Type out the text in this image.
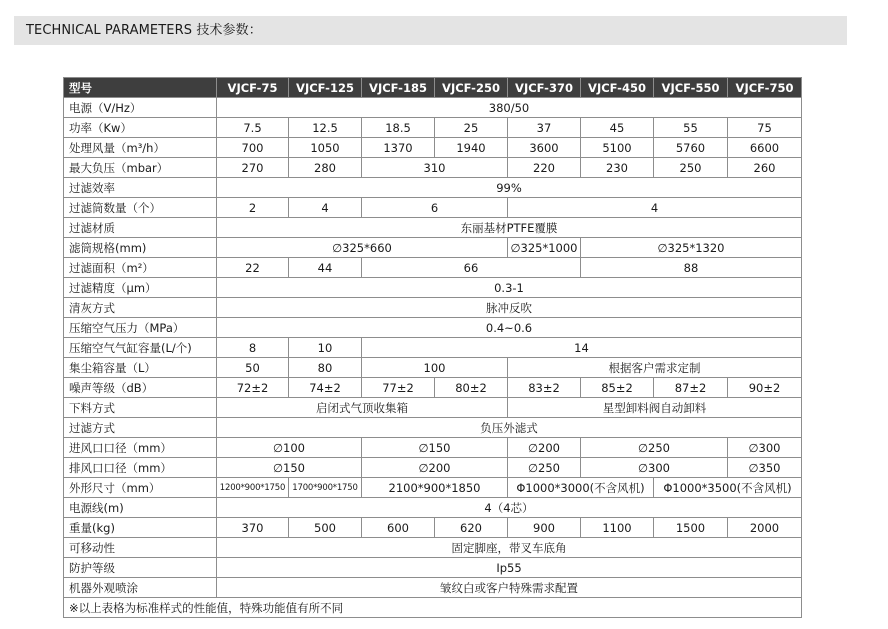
TECHNICAL PARAMETERS 技术参数：
型号	VJCF-75	VJCF-125	VJCF-185	VJCF-250	VJCF-370	VJCF-450	VJCF-550	VJCF-750
电源（V/Hz）	380/50							
功率（Kw）	7.5	12.5	18.5	25	37	45	55	75
处理风量（m³/h）	700	1050	1370	1940	3600	5100	5760	6600
最大负压（mbar）	270	280	310		220	230	250	260
过滤效率	99%							
过滤筒数量（个）	2	4	6		4			
过滤材质	东丽基材PTFE覆膜							
滤筒规格(mm)	∅325*660				∅325*1000	∅325*1320		
过滤面积（m²）	22	44	66			88		
过滤精度（μm）	0.3-1							
清灰方式	脉冲反吹							
压缩空气压力（MPa）	0.4~0.6							
压缩空气气缸容量(L/个)	8	10	14					
集尘箱容量（L）	50	80	100		根据客户需求定制			
噪声等级（dB）	72±2	74±2	77±2	80±2	83±2	85±2	87±2	90±2
下料方式	启闭式气顶收集箱				星型卸料阀自动卸料			
过滤方式	负压外滤式							
进风口口径（mm）	∅100		∅150		∅200	∅250		∅300
排风口口径（mm）	∅150		∅200		∅250	∅300		∅350
外形尺寸（mm）	1200*900*1750	1700*900*1750	2100*900*1850		Φ1000*3000(不含风机)		Φ1000*3500(不含风机)	
电源线(m)	4（4芯）							
重量(kg)	370	500	600	620	900	1100	1500	2000
可移动性	固定脚座，带叉车底角							
防护等级	Ip55							
机器外观喷涂	皱纹白或客户特殊需求配置							
※以上表格为标准样式的性能值，特殊功能值有所不同								
